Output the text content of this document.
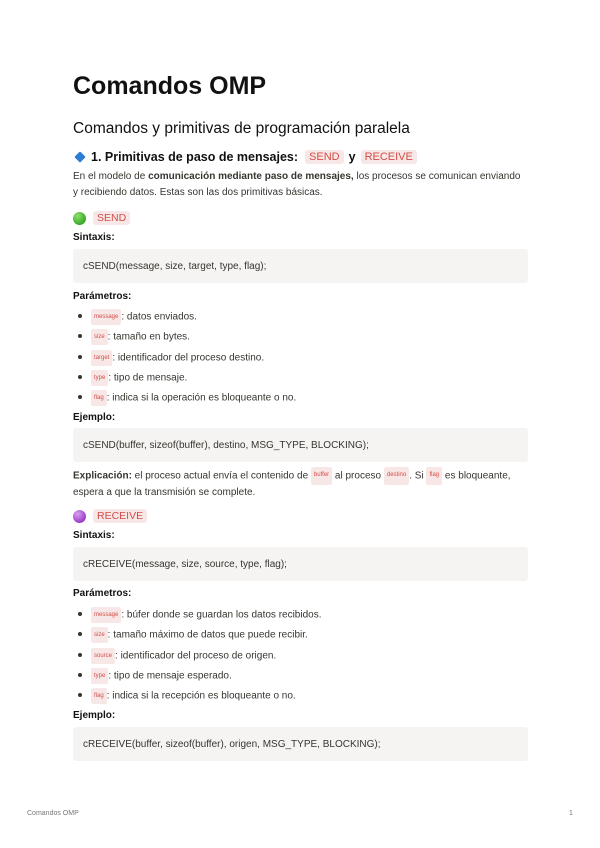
Comandos OMP
Comandos y primitivas de programación paralela
1. Primitivas de paso de mensajes:	SEND y RECEIVE
En el modelo de comunicación mediante paso de mensajes, los procesos se comunican enviando y recibiendo datos. Estas son las dos primitivas básicas.
SEND
Sintaxis:
cSEND(message, size, target, type, flag);
Parámetros:
message : datos enviados.
size : tamaño en bytes.
target : identificador del proceso destino.
type : tipo de mensaje.
flag : indica si la operación es bloqueante o no.
Ejemplo:
cSEND(buffer, sizeof(buffer), destino, MSG_TYPE, BLOCKING);
Explicación: el proceso actual envía el contenido de buffer al proceso destino . Si flag es bloqueante, espera a que la transmisión se complete.
RECEIVE
Sintaxis:
cRECEIVE(message, size, source, type, flag);
Parámetros:
message : búfer donde se guardan los datos recibidos.
size : tamaño máximo de datos que puede recibir.
source : identificador del proceso de origen.
type : tipo de mensaje esperado.
flag : indica si la recepción es bloqueante o no.
Ejemplo:
cRECEIVE(buffer, sizeof(buffer), origen, MSG_TYPE, BLOCKING);
Comandos OMP	1
